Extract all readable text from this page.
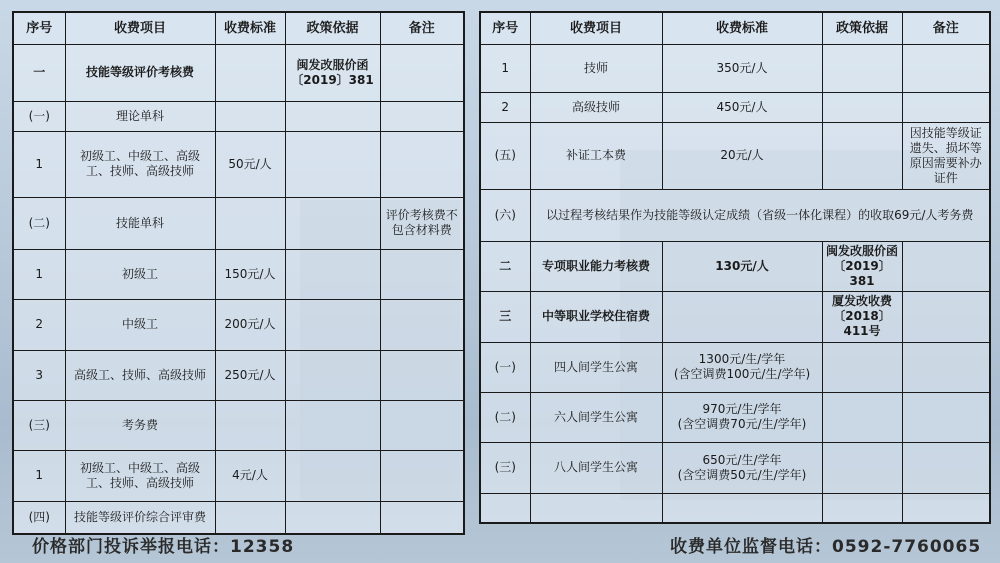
序号	收费项目	收费标准	政策依据	备注
一	技能等级评价考核费		闽发改服价函〔2019〕381	
(一)	理论单科			
1	初级工、中级工、高级工、技师、高级技师	50元/人		
(二)	技能单科			评价考核费不包含材料费
1	初级工	150元/人		
2	中级工	200元/人		
3	高级工、技师、高级技师	250元/人		
(三)	考务费			
1	初级工、中级工、高级工、技师、高级技师	4元/人		
(四)	技能等级评价综合评审费			
序号	收费项目	收费标准	政策依据	备注
1	技师	350元/人		
2	高级技师	450元/人		
(五)	补证工本费	20元/人		因技能等级证遗失、损坏等原因需要补办证件
(六)	以过程考核结果作为技能等级认定成绩（省级一体化课程）的收取69元/人考务费			
二	专项职业能力考核费	130元/人	闽发改服价函〔2019〕381	
三	中等职业学校住宿费		厦发改收费〔2018〕411号	
(一)	四人间学生公寓	1300元/生/学年
(含空调费100元/生/学年)		

(二)	六人间学生公寓	970元/生/学年
(含空调费70元/生/学年)		

(三)	八人间学生公寓	650元/生/学年
(含空调费50元/生/学年)		

价格部门投诉举报电话：12358	收费单位监督电话：0592-7760065
